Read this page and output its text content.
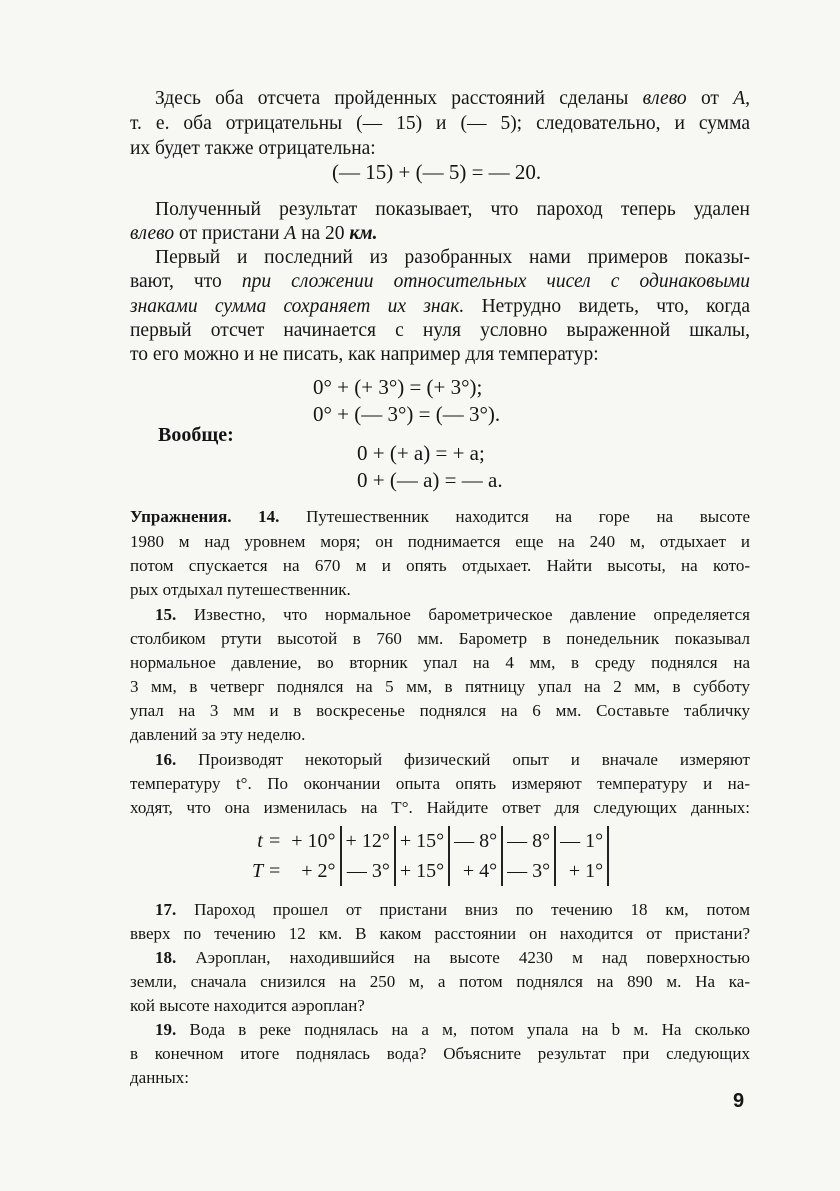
Здесь оба отсчета пройденных расстояний сделаны влево от А,
т. е. оба отрицательны (— 15) и (— 5); следовательно, и сумма
их будет также отрицательна:
(— 15) + (— 5) = — 20.
Полученный результат показывает, что пароход теперь удален
влево от пристани А на 20 км.
Первый и последний из разобранных нами примеров показы-
вают, что при сложении относительных чисел с одинаковыми
знаками сумма сохраняет их знак. Нетрудно видеть, что, когда
первый отсчет начинается с нуля условно выраженной шкалы,
то его можно и не писать, как например для температур:
0° + (+ 3°) = (+ 3°);
0° + (— 3°) = (— 3°).
Вообще:
0 + (+ a) = + a;
0 + (— a) = — a.
Упражнения. 14. Путешественник находится на горе на высоте
1980 м над уровнем моря; он поднимается еще на 240 м, отдыхает и
потом спускается на 670 м и опять отдыхает. Найти высоты, на кото-
рых отдыхал путешественник.
15. Известно, что нормальное барометрическое давление определяется
столбиком ртути высотой в 760 мм. Барометр в понедельник показывал
нормальное давление, во вторник упал на 4 мм, в среду поднялся на
3 мм, в четверг поднялся на 5 мм, в пятницу упал на 2 мм, в субботу
упал на 3 мм и в воскресенье поднялся на 6 мм. Составьте табличку
давлений за эту неделю.
16. Производят некоторый физический опыт и вначале измеряют
температуру t°. По окончании опыта опять измеряют температуру и на-
ходят, что она изменилась на T°. Найдите ответ для следующих данных:
t =	+ 10°	+ 12°	+ 15°	— 8°	— 8°	— 1°
T =	+ 2°	— 3°	+ 15°	+ 4°	— 3°	+ 1°
17. Пароход прошел от пристани вниз по течению 18 км, потом
вверх по течению 12 км. В каком расстоянии он находится от пристани?
18. Аэроплан, находившийся на высоте 4230 м над поверхностью
земли, сначала снизился на 250 м, а потом поднялся на 890 м. На ка-
кой высоте находится аэроплан?
19. Вода в реке поднялась на a м, потом упала на b м. На сколько
в конечном итоге поднялась вода? Объясните результат при следующих
данных:
9
